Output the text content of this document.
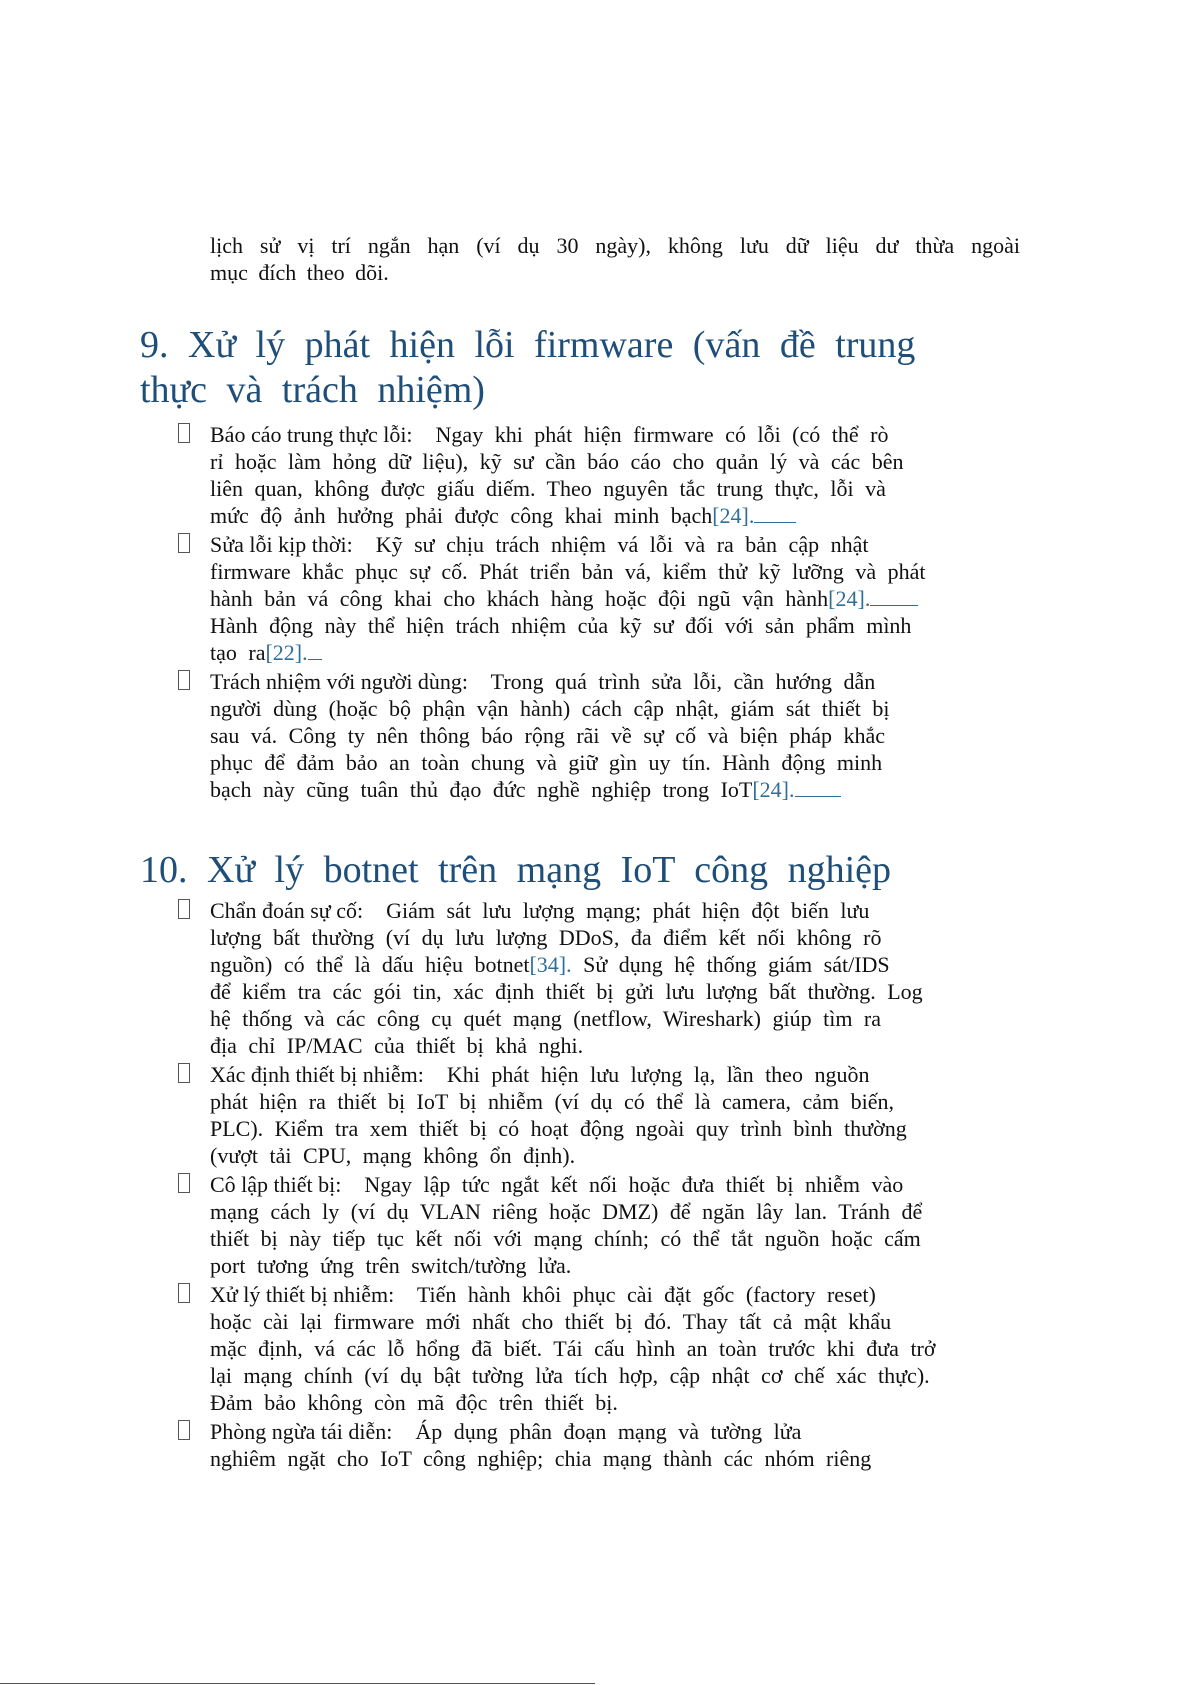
lịch sử vị trí ngắn hạn (ví dụ 30 ngày), không lưu dữ liệu dư thừa ngoài
mục đích theo dõi.
9. Xử lý phát hiện lỗi firmware (vấn đề trung
thực và trách nhiệm)
Báo cáo trung thực lỗi: Ngay khi phát hiện firmware có lỗi (có thể rò
rỉ hoặc làm hỏng dữ liệu), kỹ sư cần báo cáo cho quản lý và các bên
liên quan, không được giấu diếm. Theo nguyên tắc trung thực, lỗi và
mức độ ảnh hưởng phải được công khai minh bạch[24].
Sửa lỗi kịp thời: Kỹ sư chịu trách nhiệm vá lỗi và ra bản cập nhật
firmware khắc phục sự cố. Phát triển bản vá, kiểm thử kỹ lưỡng và phát
hành bản vá công khai cho khách hàng hoặc đội ngũ vận hành[24].
Hành động này thể hiện trách nhiệm của kỹ sư đối với sản phẩm mình
tạo ra[22].
Trách nhiệm với người dùng: Trong quá trình sửa lỗi, cần hướng dẫn
người dùng (hoặc bộ phận vận hành) cách cập nhật, giám sát thiết bị
sau vá. Công ty nên thông báo rộng rãi về sự cố và biện pháp khắc
phục để đảm bảo an toàn chung và giữ gìn uy tín. Hành động minh
bạch này cũng tuân thủ đạo đức nghề nghiệp trong IoT[24].
10. Xử lý botnet trên mạng IoT công nghiệp
Chẩn đoán sự cố: Giám sát lưu lượng mạng; phát hiện đột biến lưu
lượng bất thường (ví dụ lưu lượng DDoS, đa điểm kết nối không rõ
nguồn) có thể là dấu hiệu botnet[34]. Sử dụng hệ thống giám sát/IDS
để kiểm tra các gói tin, xác định thiết bị gửi lưu lượng bất thường. Log
hệ thống và các công cụ quét mạng (netflow, Wireshark) giúp tìm ra
địa chỉ IP/MAC của thiết bị khả nghi.
Xác định thiết bị nhiễm: Khi phát hiện lưu lượng lạ, lần theo nguồn
phát hiện ra thiết bị IoT bị nhiễm (ví dụ có thể là camera, cảm biến,
PLC). Kiểm tra xem thiết bị có hoạt động ngoài quy trình bình thường
(vượt tải CPU, mạng không ổn định).
Cô lập thiết bị: Ngay lập tức ngắt kết nối hoặc đưa thiết bị nhiễm vào
mạng cách ly (ví dụ VLAN riêng hoặc DMZ) để ngăn lây lan. Tránh để
thiết bị này tiếp tục kết nối với mạng chính; có thể tắt nguồn hoặc cấm
port tương ứng trên switch/tường lửa.
Xử lý thiết bị nhiễm: Tiến hành khôi phục cài đặt gốc (factory reset)
hoặc cài lại firmware mới nhất cho thiết bị đó. Thay tất cả mật khẩu
mặc định, vá các lỗ hổng đã biết. Tái cấu hình an toàn trước khi đưa trở
lại mạng chính (ví dụ bật tường lửa tích hợp, cập nhật cơ chế xác thực).
Đảm bảo không còn mã độc trên thiết bị.
Phòng ngừa tái diễn: Áp dụng phân đoạn mạng và tường lửa
nghiêm ngặt cho IoT công nghiệp; chia mạng thành các nhóm riêng
